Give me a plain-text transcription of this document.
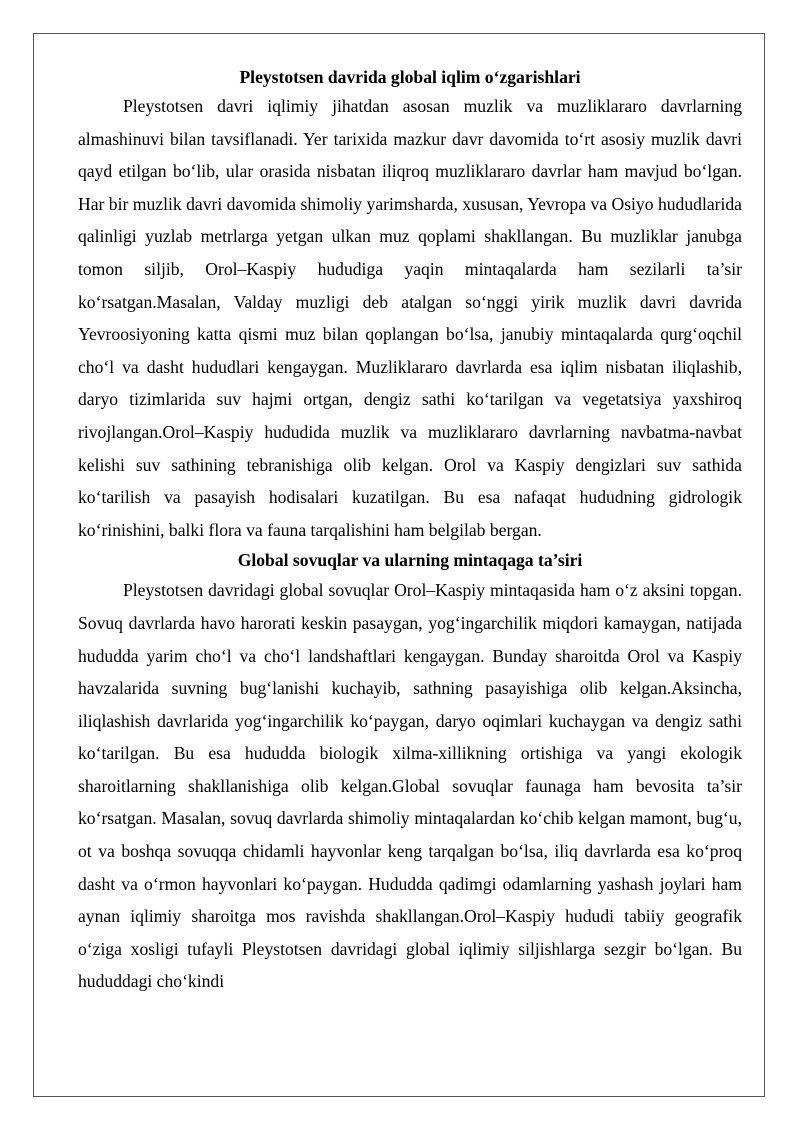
Pleystotsen davrida global iqlim o‘zgarishlari

Pleystotsen davri iqlimiy jihatdan asosan muzlik va muzliklararo davrlarning almashinuvi bilan tavsiflanadi. Yer tarixida mazkur davr davomida to‘rt asosiy muzlik davri qayd etilgan bo‘lib, ular orasida nisbatan iliqroq muzliklararo davrlar ham mavjud bo‘lgan. Har bir muzlik davri davomida shimoliy yarimsharda, xususan, Yevropa va Osiyo hududlarida qalinligi yuzlab metrlarga yetgan ulkan muz qoplami shakllangan. Bu muzliklar janubga tomon siljib, Orol–Kaspiy hududiga yaqin mintaqalarda ham sezilarli ta’sir ko‘rsatgan.Masalan, Valday muzligi deb atalgan so‘nggi yirik muzlik davri davrida Yevroosiyoning katta qismi muz bilan qoplangan bo‘lsa, janubiy mintaqalarda qurg‘oqchil cho‘l va dasht hududlari kengaygan. Muzliklararo davrlarda esa iqlim nisbatan iliqlashib, daryo tizimlarida suv hajmi ortgan, dengiz sathi ko‘tarilgan va vegetatsiya yaxshiroq rivojlangan.Orol–Kaspiy hududida muzlik va muzliklararo davrlarning navbatma-navbat kelishi suv sathining tebranishiga olib kelgan. Orol va Kaspiy dengizlari suv sathida ko‘tarilish va pasayish hodisalari kuzatilgan. Bu esa nafaqat hududning gidrologik ko‘rinishini, balki flora va fauna tarqalishini ham belgilab bergan.

Global sovuqlar va ularning mintaqaga ta’siri

Pleystotsen davridagi global sovuqlar Orol–Kaspiy mintaqasida ham o‘z aksini topgan. Sovuq davrlarda havo harorati keskin pasaygan, yog‘ingarchilik miqdori kamaygan, natijada hududda yarim cho‘l va cho‘l landshaftlari kengaygan. Bunday sharoitda Orol va Kaspiy havzalarida suvning bug‘lanishi kuchayib, sathning pasayishiga olib kelgan.Aksincha, iliqlashish davrlarida yog‘ingarchilik ko‘paygan, daryo oqimlari kuchaygan va dengiz sathi ko‘tarilgan. Bu esa hududda biologik xilma-xillikning ortishiga va yangi ekologik sharoitlarning shakllanishiga olib kelgan.Global sovuqlar faunaga ham bevosita ta’sir ko‘rsatgan. Masalan, sovuq davrlarda shimoliy mintaqalardan ko‘chib kelgan mamont, bug‘u, ot va boshqa sovuqqa chidamli hayvonlar keng tarqalgan bo‘lsa, iliq davrlarda esa ko‘proq dasht va o‘rmon hayvonlari ko‘paygan. Hududda qadimgi odamlarning yashash joylari ham aynan iqlimiy sharoitga mos ravishda shakllangan.Orol–Kaspiy hududi tabiiy geografik o‘ziga xosligi tufayli Pleystotsen davridagi global iqlimiy siljishlarga sezgir bo‘lgan. Bu hududdagi cho‘kindi
